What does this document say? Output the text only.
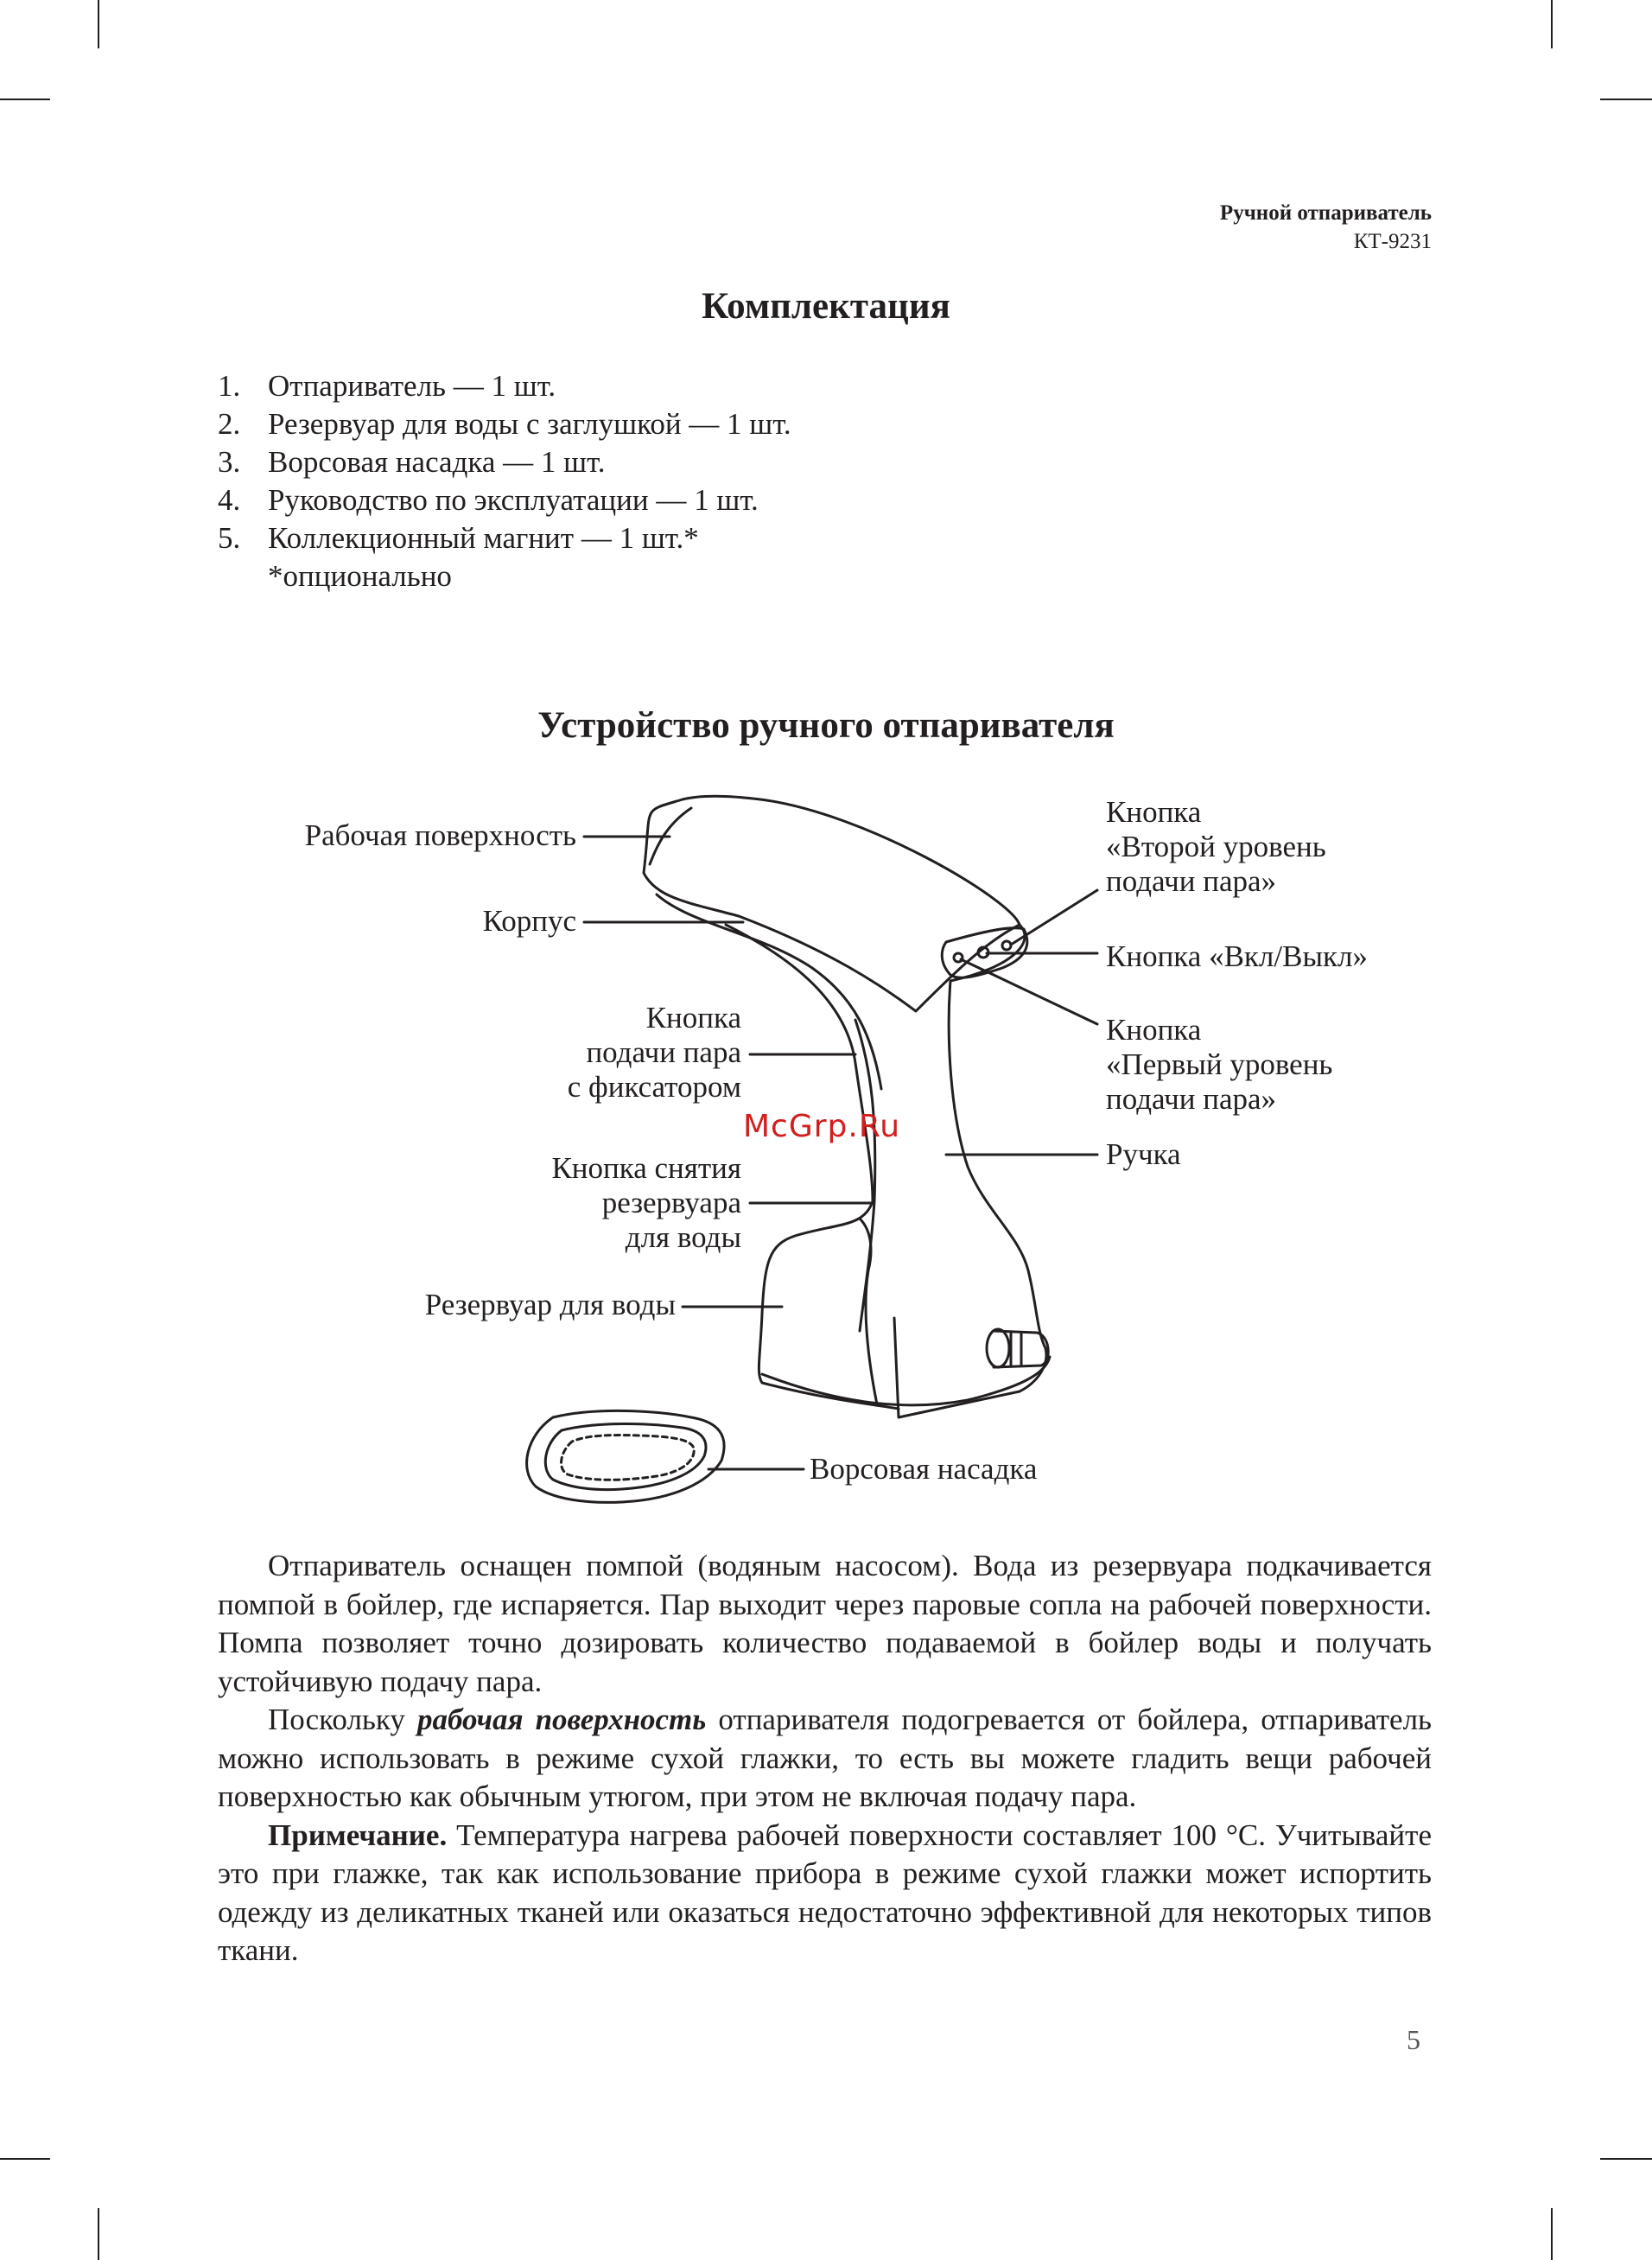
Ручной отпариватель
КТ-9231
Комплектация
1. Отпариватель — 1 шт.
2. Резервуар для воды с заглушкой — 1 шт.
3. Ворсовая насадка — 1 шт.
4. Руководство по эксплуатации — 1 шт.
5. Коллекционный магнит — 1 шт.*
*опционально
Устройство ручного отпаривателя
Рабочая поверхность
Корпус
Кнопка
подачи пара
с фиксатором
Кнопка снятия
резервуара
для воды
Резервуар для воды
Кнопка
«Второй уровень
подачи пара»
Кнопка «Вкл/Выкл»
Кнопка
«Первый уровень
подачи пара»
Ручка
Ворсовая насадка
McGrp.Ru

Отпариватель оснащен помпой (водяным насосом). Вода из резервуара подкачивается помпой в бойлер, где испаряется. Пар выходит через паровые сопла на рабочей поверхности. Помпа позволяет точно дозировать количество подаваемой в бойлер воды и получать устойчивую подачу пара.

Поскольку рабочая поверхность отпаривателя подогревается от бойлера, отпариватель можно использовать в режиме сухой глажки, то есть вы можете гладить вещи рабочей поверхностью как обычным утюгом, при этом не включая подачу пара.

Примечание. Температура нагрева рабочей поверхности составляет 100 °С. Учитывайте это при глажке, так как использование прибора в режиме сухой глажки может испортить одежду из деликатных тканей или оказаться недостаточно эффективной для некоторых типов ткани.

5
